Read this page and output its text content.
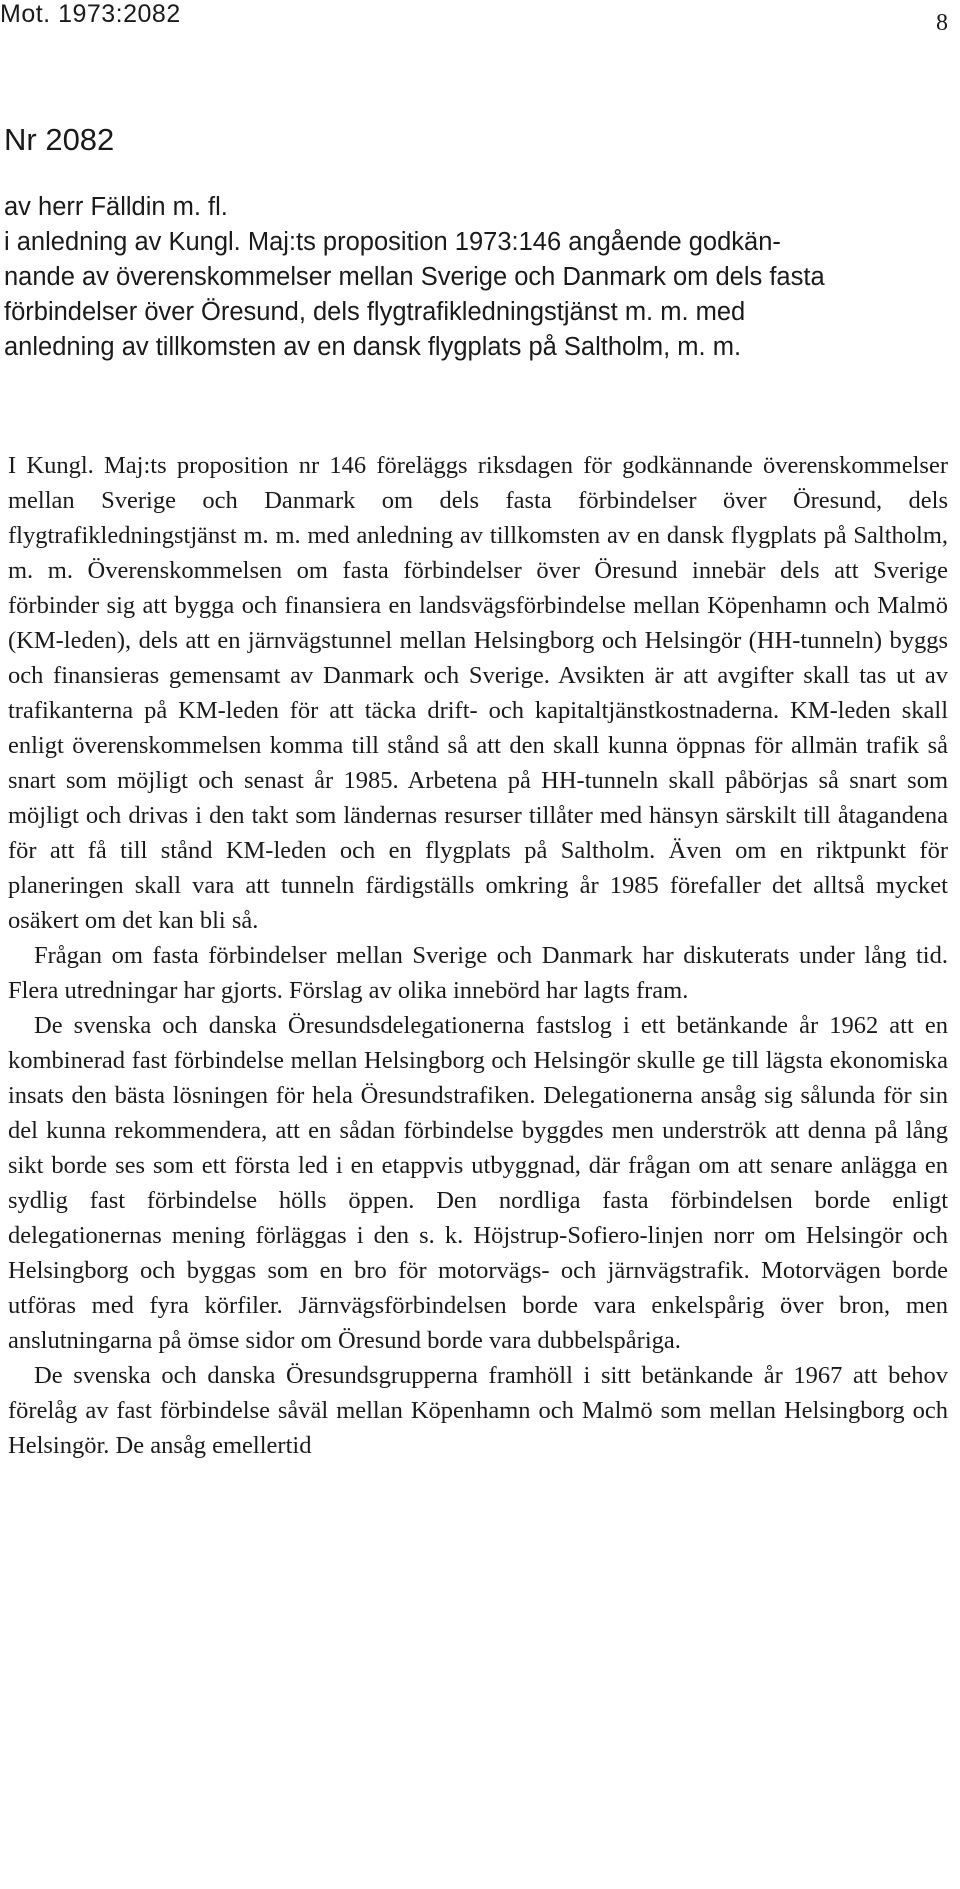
Mot. 1973:2082	8
Nr 2082
av herr Fälldin m. fl.
i anledning av Kungl. Maj:ts proposition 1973:146 angående godkän-
nande av överenskommelser mellan Sverige och Danmark om dels fasta
förbindelser över Öresund, dels flygtrafikledningstjänst m. m. med
anledning av tillkomsten av en dansk flygplats på Saltholm, m. m.

I Kungl. Maj:ts proposition nr 146 föreläggs riksdagen för godkännande överenskommelser mellan Sverige och Danmark om dels fasta förbindelser över Öresund, dels flygtrafikledningstjänst m. m. med anledning av tillkomsten av en dansk flygplats på Saltholm, m. m. Överenskommelsen om fasta förbindelser över Öresund innebär dels att Sverige förbinder sig att bygga och finansiera en landsvägsförbindelse mellan Köpenhamn och Malmö (KM-leden), dels att en järnvägstunnel mellan Helsingborg och Helsingör (HH-tunneln) byggs och finansieras gemensamt av Danmark och Sverige. Avsikten är att avgifter skall tas ut av trafikanterna på KM-leden för att täcka drift- och kapitaltjänstkostnaderna. KM-leden skall enligt överenskommelsen komma till stånd så att den skall kunna öppnas för allmän trafik så snart som möjligt och senast år 1985. Arbetena på HH-tunneln skall påbörjas så snart som möjligt och drivas i den takt som ländernas resurser tillåter med hänsyn särskilt till åtagandena för att få till stånd KM-leden och en flygplats på Saltholm. Även om en riktpunkt för planeringen skall vara att tunneln färdigställs omkring år 1985 förefaller det alltså mycket osäkert om det kan bli så.

Frågan om fasta förbindelser mellan Sverige och Danmark har diskuterats under lång tid. Flera utredningar har gjorts. Förslag av olika innebörd har lagts fram.

De svenska och danska Öresundsdelegationerna fastslog i ett betänkande år 1962 att en kombinerad fast förbindelse mellan Helsingborg och Helsingör skulle ge till lägsta ekonomiska insats den bästa lösningen för hela Öresundstrafiken. Delegationerna ansåg sig sålunda för sin del kunna rekommendera, att en sådan förbindelse byggdes men underströk att denna på lång sikt borde ses som ett första led i en etappvis utbyggnad, där frågan om att senare anlägga en sydlig fast förbindelse hölls öppen. Den nordliga fasta förbindelsen borde enligt delegationernas mening förläggas i den s. k. Höjstrup-Sofiero-linjen norr om Helsingör och Helsingborg och byggas som en bro för motorvägs- och järnvägstrafik. Motorvägen borde utföras med fyra körfiler. Järnvägsförbindelsen borde vara enkelspårig över bron, men anslutningarna på ömse sidor om Öresund borde vara dubbelspåriga.

De svenska och danska Öresundsgrupperna framhöll i sitt betänkande år 1967 att behov förelåg av fast förbindelse såväl mellan Köpenhamn och Malmö som mellan Helsingborg och Helsingör. De ansåg emellertid
